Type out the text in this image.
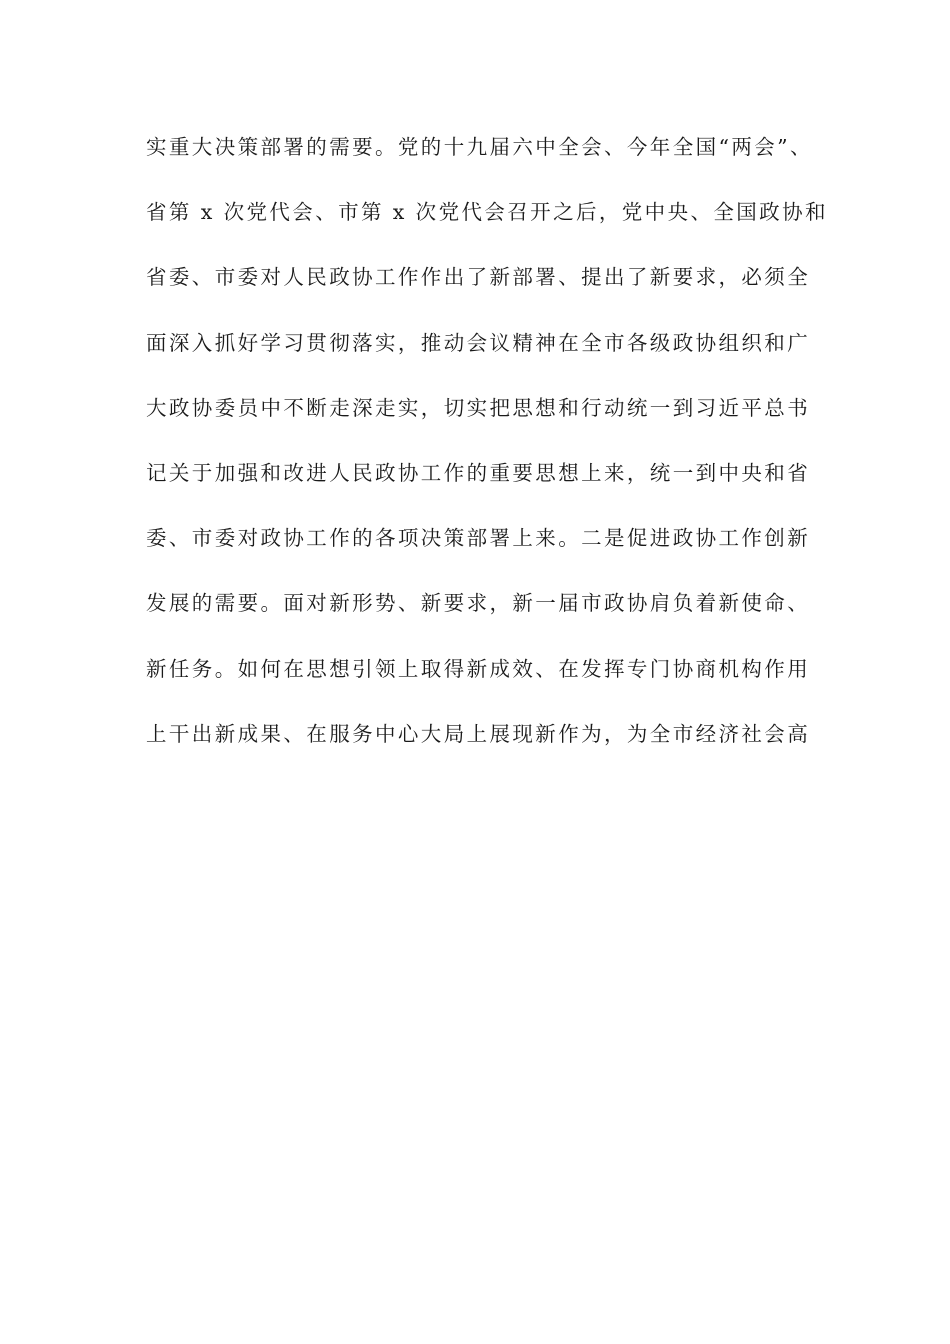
实重大决策部署的需要。党的十九届六中全会、今年全国“两会”、
省第 x 次党代会、市第 x 次党代会召开之后，党中央、全国政协和
省委、市委对人民政协工作作出了新部署、提出了新要求，必须全
面深入抓好学习贯彻落实，推动会议精神在全市各级政协组织和广
大政协委员中不断走深走实，切实把思想和行动统一到习近平总书
记关于加强和改进人民政协工作的重要思想上来，统一到中央和省
委、市委对政协工作的各项决策部署上来。二是促进政协工作创新
发展的需要。面对新形势、新要求，新一届市政协肩负着新使命、
新任务。如何在思想引领上取得新成效、在发挥专门协商机构作用
上干出新成果、在服务中心大局上展现新作为，为全市经济社会高
